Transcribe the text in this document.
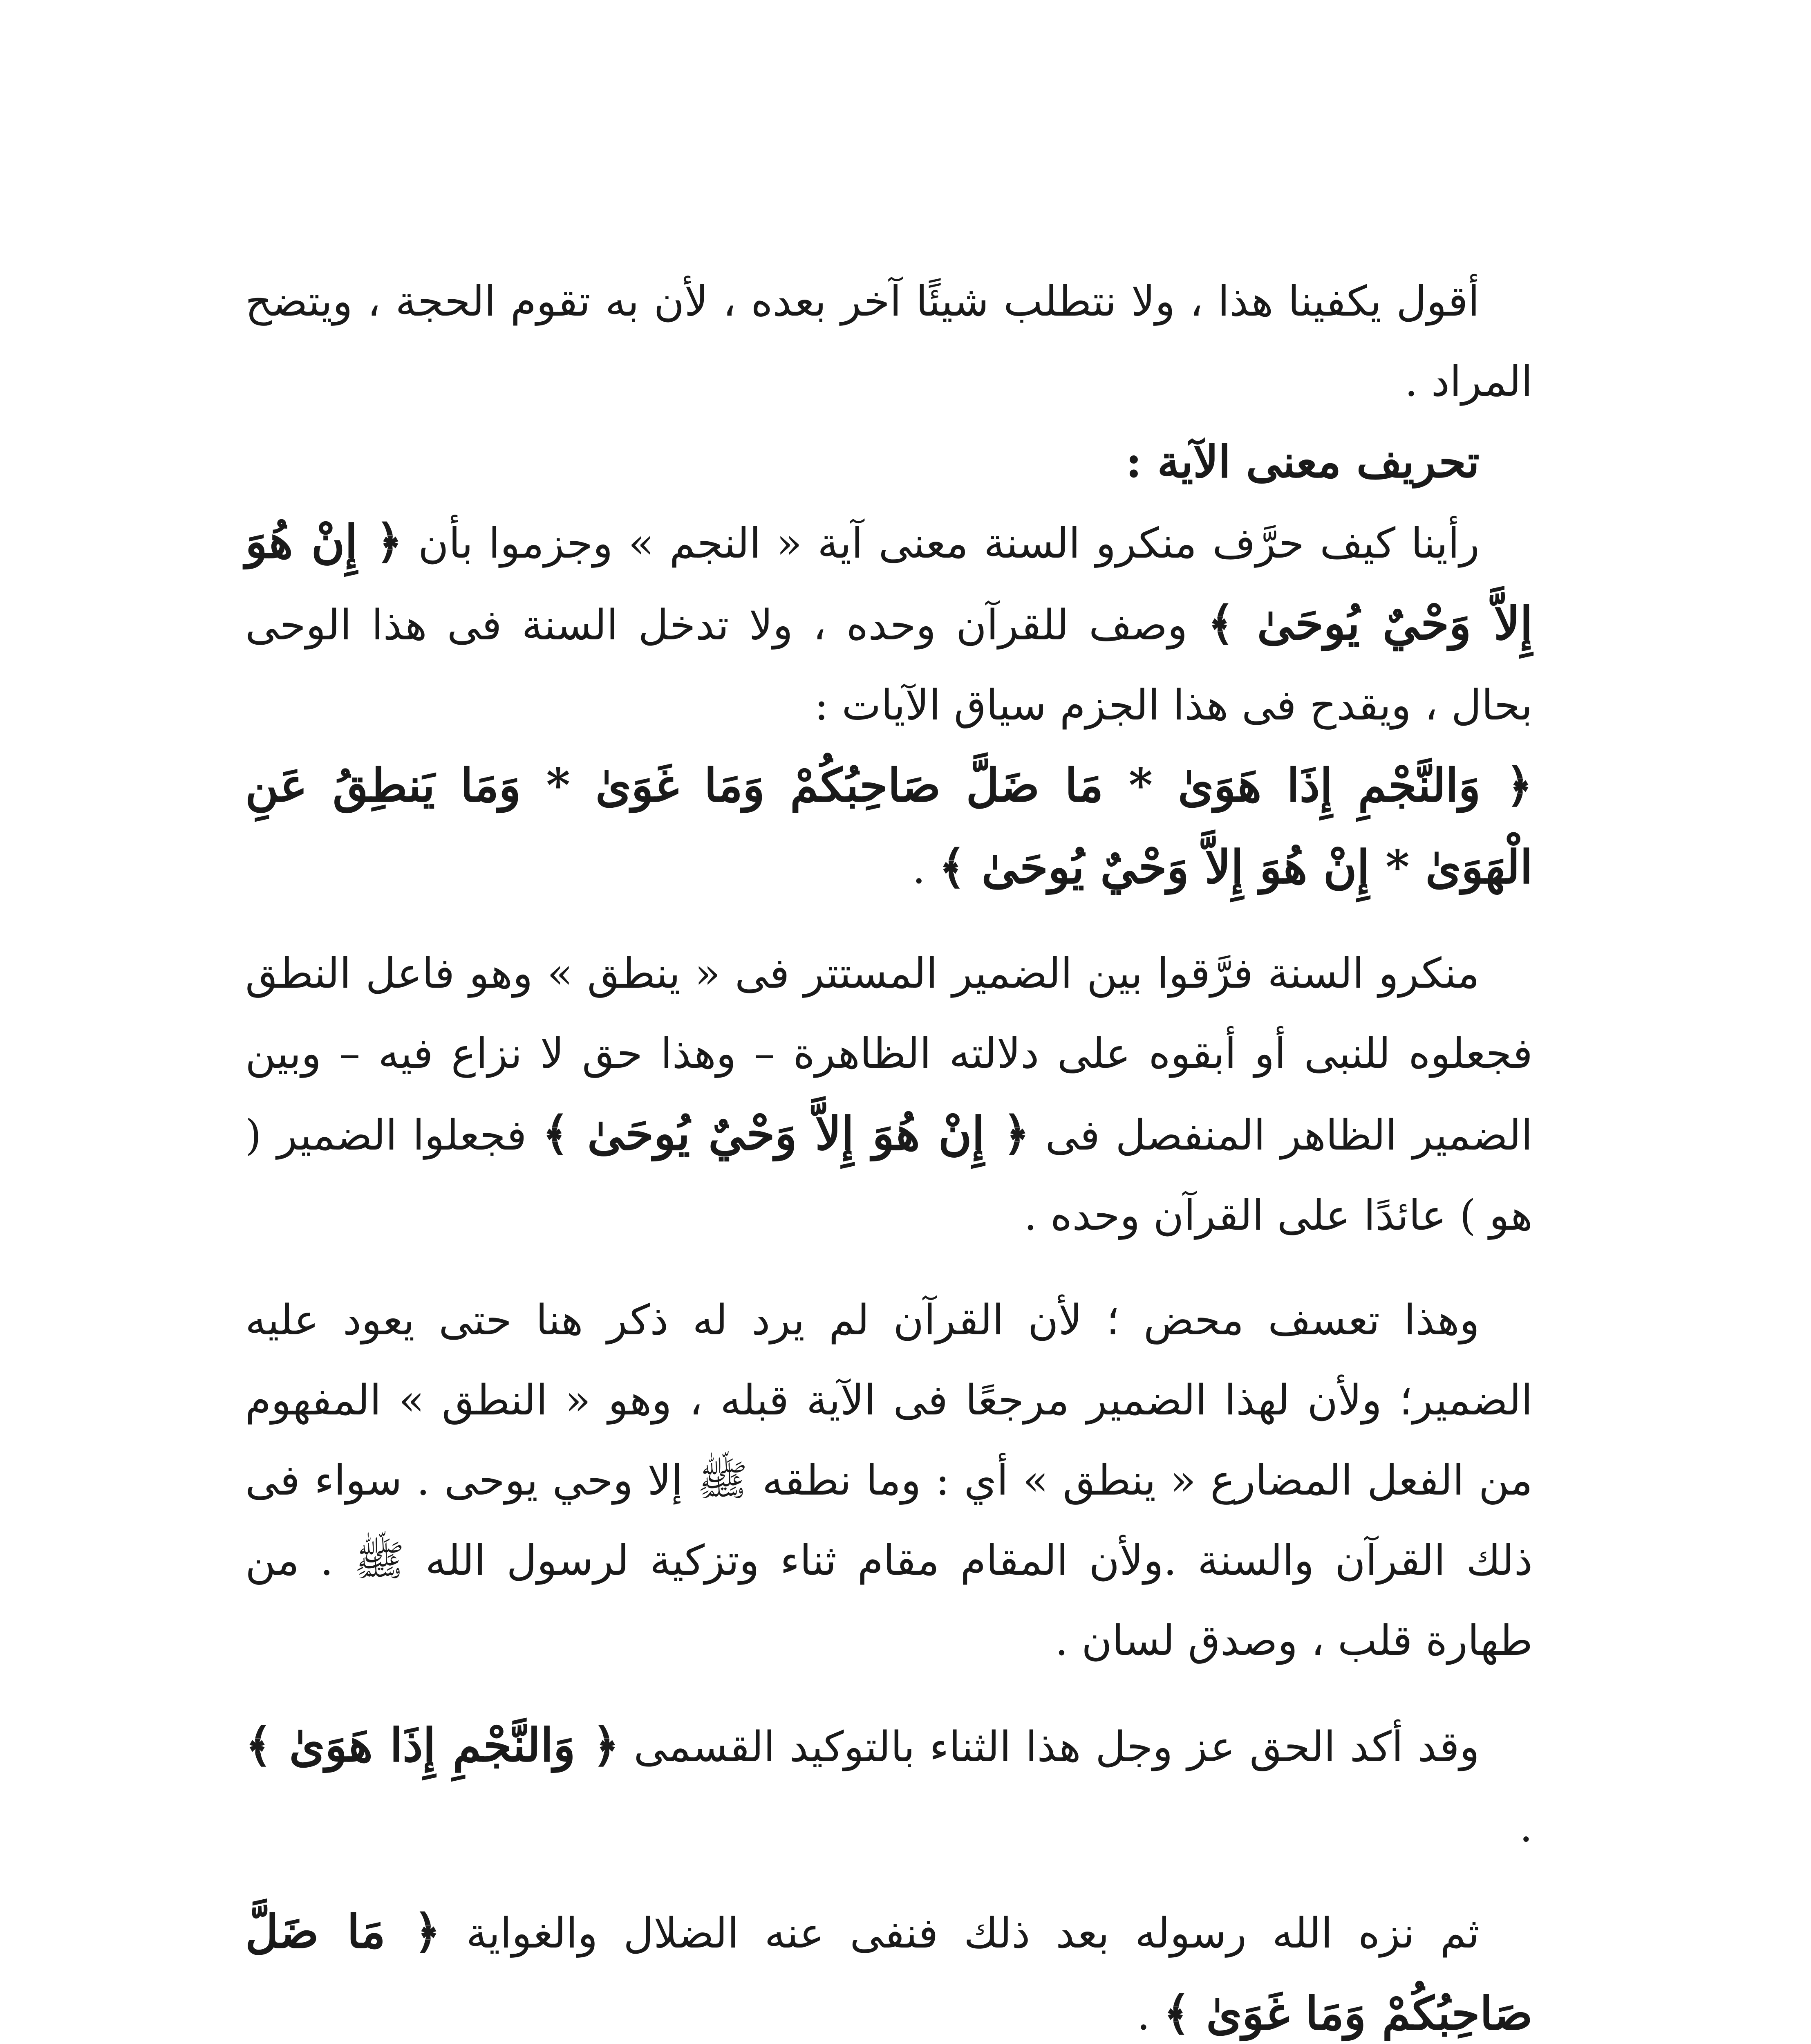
أقول يكفينا هذا ، ولا نتطلب شيئًا آخر بعده ، لأن به تقوم الحجة ، ويتضح المراد .

تحريف معنى الآية :

رأينا كيف حرَّف منكرو السنة معنى آية « النجم » وجزموا بأن ﴿ إِنْ هُوَ إِلاَّ وَحْيٌ يُوحَىٰ ﴾ وصف للقرآن وحده ، ولا تدخل السنة فى هذا الوحى بحال ، ويقدح فى هذا الجزم سياق الآيات :

﴿ وَالنَّجْمِ إِذَا هَوَىٰ * مَا ضَلَّ صَاحِبُكُمْ وَمَا غَوَىٰ * وَمَا يَنطِقُ عَنِ الْهَوَىٰ * إِنْ هُوَ إِلاَّ وَحْيٌ يُوحَىٰ ﴾ .

منكرو السنة فرَّقوا بين الضمير المستتر فى « ينطق » وهو فاعل النطق فجعلوه للنبى أو أبقوه على دلالته الظاهرة – وهذا حق لا نزاع فيه – وبين الضمير الظاهر المنفصل فى ﴿ إِنْ هُوَ إِلاَّ وَحْيٌ يُوحَىٰ ﴾ فجعلوا الضمير ( هو ) عائدًا على القرآن وحده .

وهذا تعسف محض ؛ لأن القرآن لم يرد له ذكر هنا حتى يعود عليه الضمير؛ ولأن لهذا الضمير مرجعًا فى الآية قبله ، وهو « النطق » المفهوم من الفعل المضارع « ينطق » أي : وما نطقه ﷺ إلا وحي يوحى . سواء فى ذلك القرآن والسنة .ولأن المقام مقام ثناء وتزكية لرسول الله ﷺ . من طهارة قلب ، وصدق لسان .

وقد أكد الحق عز وجل هذا الثناء بالتوكيد القسمى ﴿ وَالنَّجْمِ إِذَا هَوَىٰ ﴾ .

ثم نزه الله رسوله بعد ذلك فنفى عنه الضلال والغواية ﴿ مَا ضَلَّ صَاحِبُكُمْ وَمَا غَوَىٰ ﴾ .
